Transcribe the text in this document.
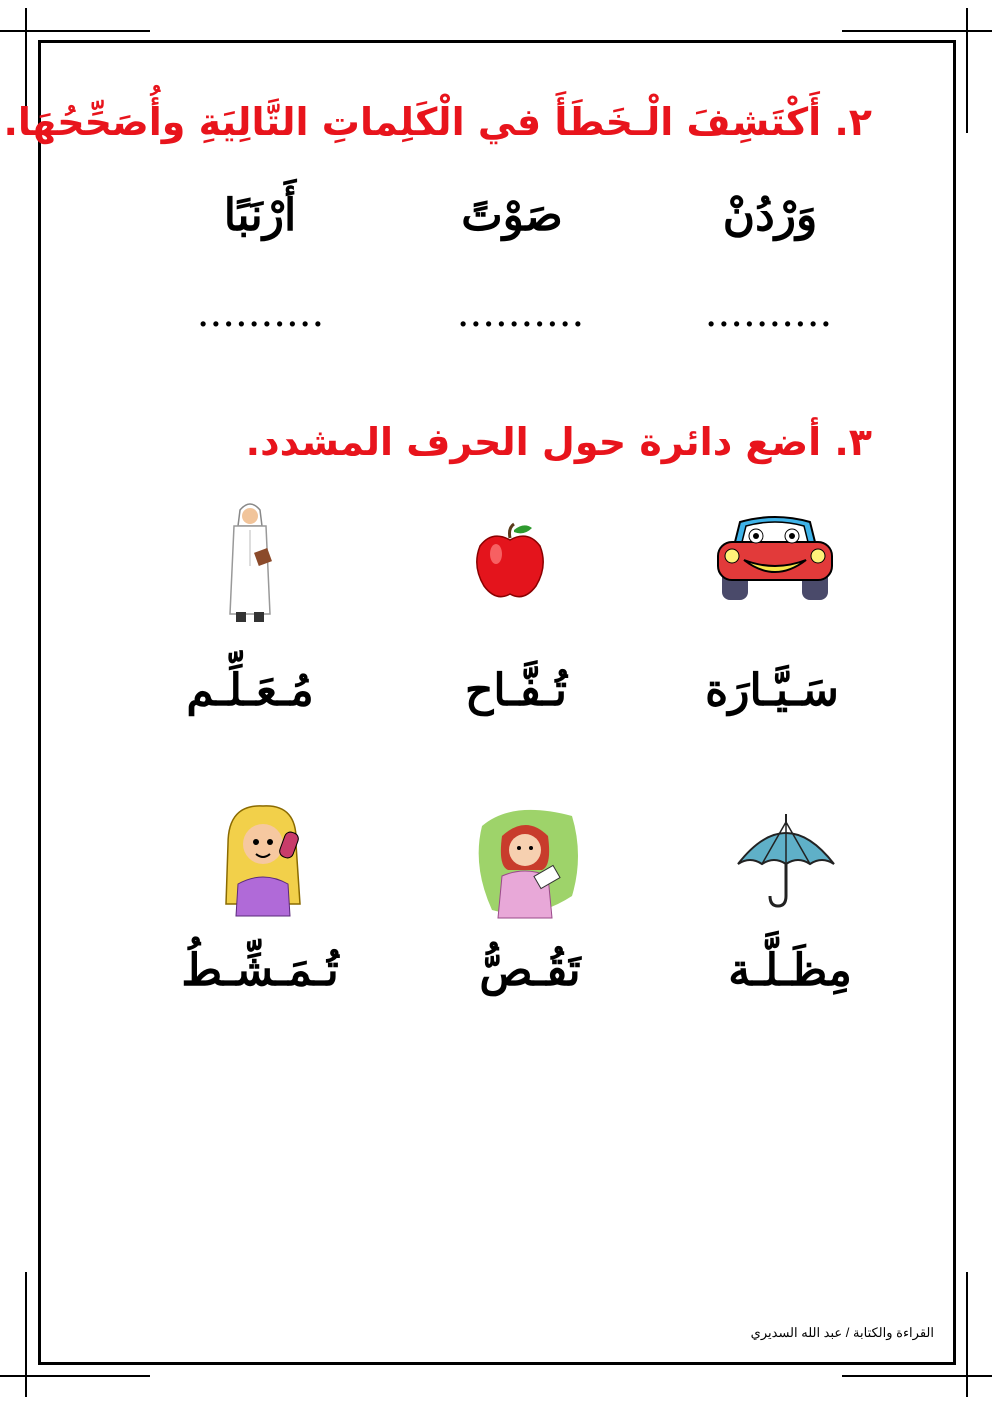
٢. أَكْتَشِفَ الْـخَطَأَ في الْكَلِماتِ التَّالِيَةِ وأُصَحِّحُهَا.
وَرْدُنْ
صَوْتً
أَرْنَبًا
..........
..........
..........
٣. أضع دائرة حول الحرف المشدد.
سَـيَّـارَة
تُـفَّـاح
مُـعَـلِّـم
مِظَـلَّـة
تَقُـصُّ
تُـمَـشِّـطُ
القراءة والكتابة / عبد الله السديري
